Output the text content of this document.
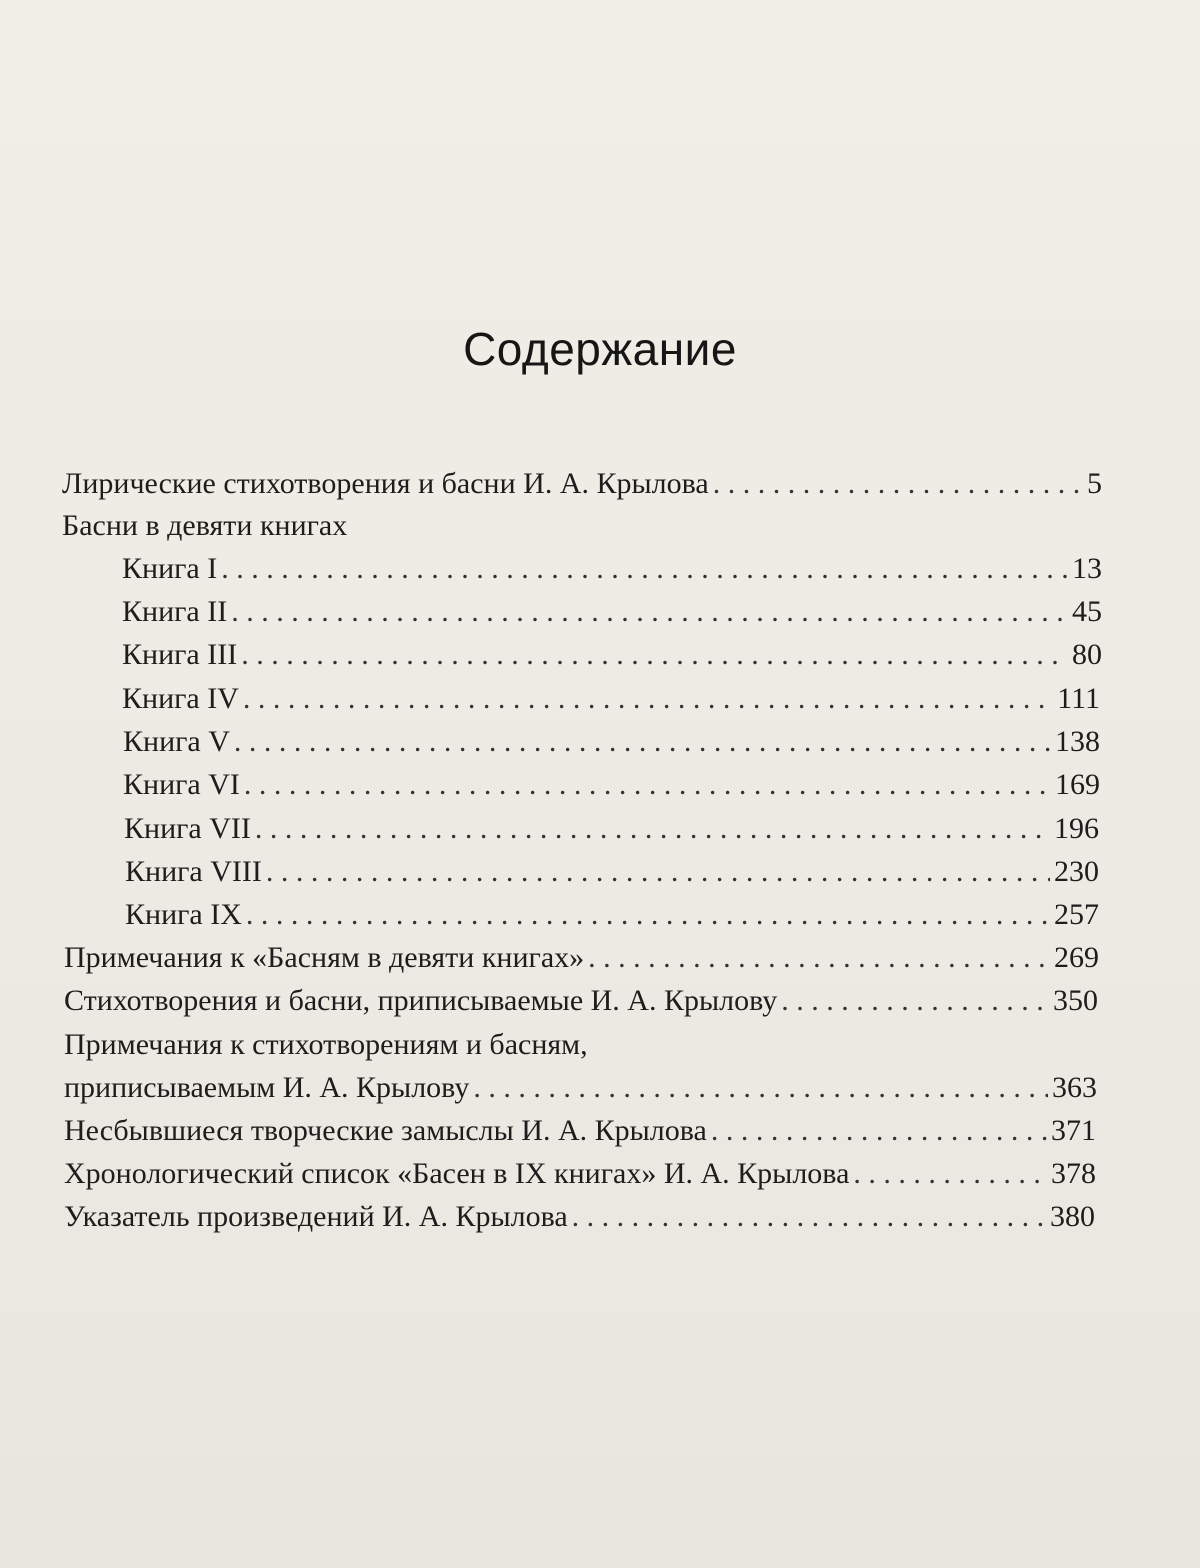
Содержание
Лирические стихотворения и басни И. А. Крылова . . .	5
Басни в девяти книгах
Книга I . . .	13
Книга II . . .	45
Книга III . . .	80
Книга IV . . .	111
Книга V . . .	138
Книга VI . . .	169
Книга VII . . .	196
Книга VIII . . .	230
Книга IX . . .	257
Примечания к «Басням в девяти книгах» . . .	269
Стихотворения и басни, приписываемые И. А. Крылову . . .	350
Примечания к стихотворениям и басням,
приписываемым И. А. Крылову . . .	363
Несбывшиеся творческие замыслы И. А. Крылова . . .	371
Хронологический список «Басен в IX книгах» И. А. Крылова . . .	378
Указатель произведений И. А. Крылова . . .	380
